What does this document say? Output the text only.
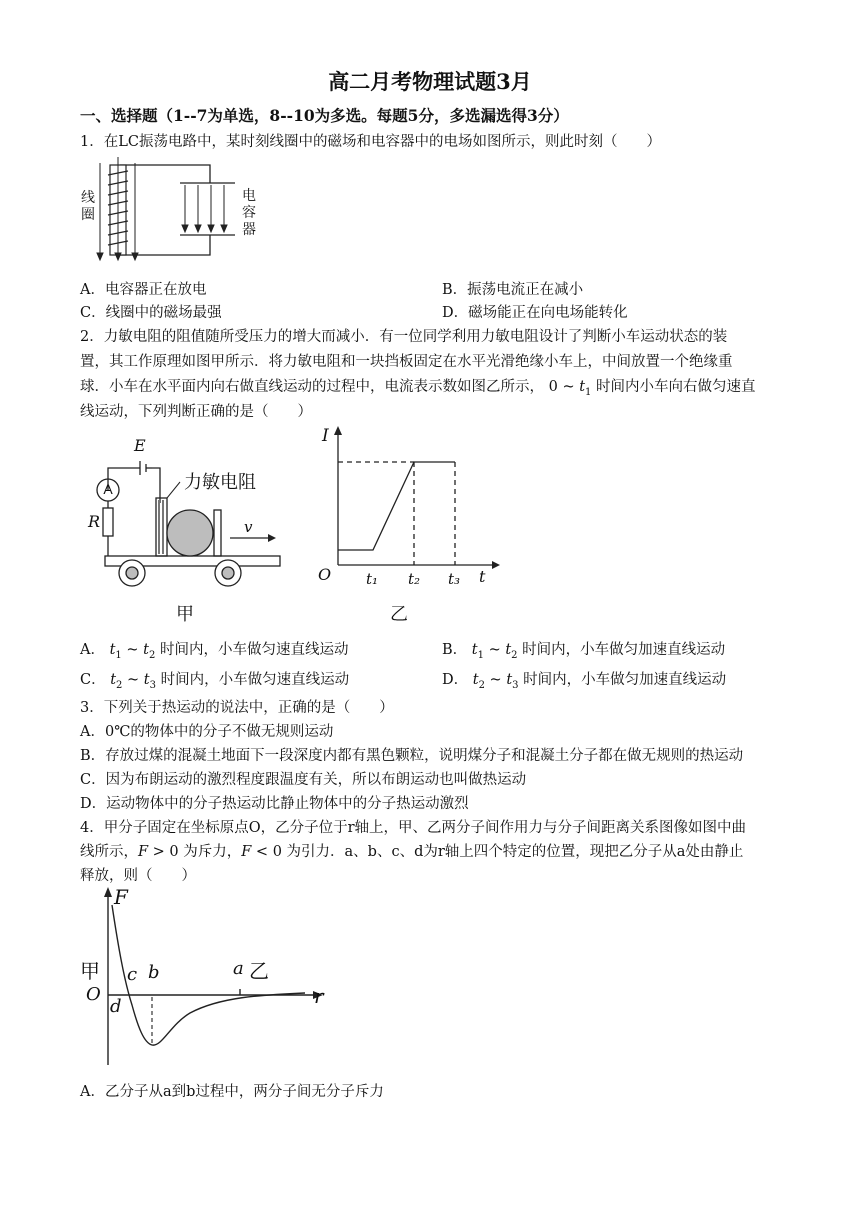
高二月考物理试题3月
一、选择题（1--7为单选，8--10为多选。每题5分，多选漏选得3分）
1．在LC振荡电路中，某时刻线圈中的磁场和电容器中的电场如图所示，则此时刻（　　）
线圈
电容器
A．电容器正在放电	B．振荡电流正在减小
C．线圈中的磁场最强	D．磁场能正在向电场能转化
2．力敏电阻的阻值随所受压力的增大而减小．有一位同学利用力敏电阻设计了判断小车运动状态的装
置，其工作原理如图甲所示．将力敏电阻和一块挡板固定在水平光滑绝缘小车上，中间放置一个绝缘重
球．小车在水平面内向右做直线运动的过程中，电流表示数如图乙所示， 0 ~ $t_1$ 时间内小车向右做匀速直
线运动，下列判断正确的是（　　）
E
A
R
力敏电阻
v
甲
I
O	t
t₁ t₂ t₃
乙
A． $t_1$ ~ $t_2$ 时间内，小车做匀速直线运动	B． $t_1$ ~ $t_2$ 时间内，小车做匀加速直线运动
C． $t_2$ ~ $t_3$ 时间内，小车做匀速直线运动	D． $t_2$ ~ $t_3$ 时间内，小车做匀加速直线运动
3．下列关于热运动的说法中，正确的是（　　）
A．0℃的物体中的分子不做无规则运动
B．存放过煤的混凝土地面下一段深度内都有黑色颗粒，说明煤分子和混凝土分子都在做无规则的热运动
C．因为布朗运动的激烈程度跟温度有关，所以布朗运动也叫做热运动
D．运动物体中的分子热运动比静止物体中的分子热运动激烈
4．甲分子固定在坐标原点O，乙分子位于r轴上，甲、乙两分子间作用力与分子间距离关系图像如图中曲
线所示，F > 0 为斥力，F < 0 为引力．a、b、c、d为r轴上四个特定的位置，现把乙分子从a处由静止
释放，则（　　）
F
甲
O
c b	a 乙
d	r
A．乙分子从a到b过程中，两分子间无分子斥力
